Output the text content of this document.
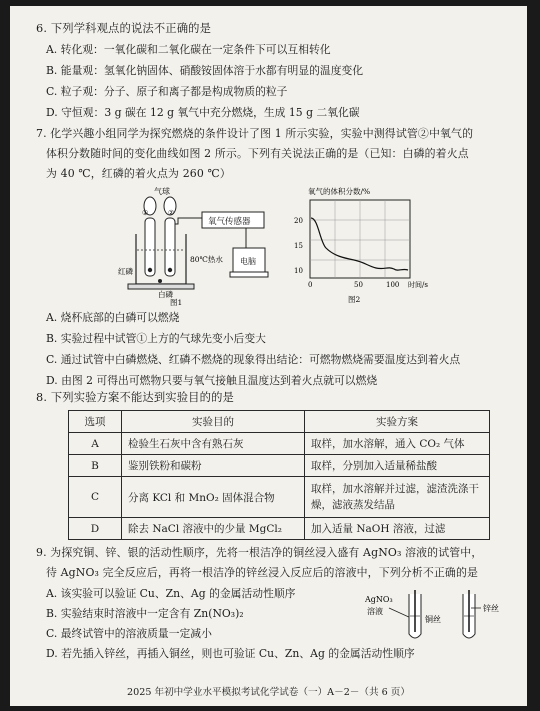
6. 下列学科观点的说法不正确的是
A. 转化观：一氧化碳和二氧化碳在一定条件下可以互相转化
B. 能量观：氢氧化钠固体、硝酸铵固体溶于水都有明显的温度变化
C. 粒子观：分子、原子和离子都是构成物质的粒子
D. 守恒观：3 g 碳在 12 g 氧气中充分燃烧，生成 15 g 二氧化碳
7. 化学兴趣小组同学为探究燃烧的条件设计了图 1 所示实验，实验中测得试管②中氧气的
体积分数随时间的变化曲线如图 2 所示。下列有关说法正确的是（已知：白磷的着火点
为 40 ℃，红磷的着火点为 260 ℃）
氧气传感器
电脑
气球
①	②
80℃热水
红磷
白磷
图1
氧气的体积分数/%
20
15
10
0	50	100 时间/s
图2
A. 烧杯底部的白磷可以燃烧
B. 实验过程中试管①上方的气球先变小后变大
C. 通过试管中白磷燃烧、红磷不燃烧的现象得出结论：可燃物燃烧需要温度达到着火点
D. 由图 2 可得出可燃物只要与氧气接触且温度达到着火点就可以燃烧
8. 下列实验方案不能达到实验目的的是
选项	实验目的	实验方案
A	检验生石灰中含有熟石灰	取样，加水溶解，通入 CO₂ 气体
B	鉴别铁粉和碳粉	取样，分别加入适量稀盐酸
C	分离 KCl 和 MnO₂ 固体混合物	取样，加水溶解并过滤，滤渣洗涤干燥，滤液蒸发结晶
D	除去 NaCl 溶液中的少量 MgCl₂	加入适量 NaOH 溶液，过滤
9. 为探究铜、锌、银的活动性顺序，先将一根洁净的铜丝浸入盛有 AgNO₃ 溶液的试管中，
待 AgNO₃ 完全反应后，再将一根洁净的锌丝浸入反应后的溶液中，下列分析不正确的是
A. 该实验可以验证 Cu、Zn、Ag 的金属活动性顺序
B. 实验结束时溶液中一定含有 Zn(NO₃)₂
C. 最终试管中的溶液质量一定减小
D. 若先插入锌丝，再插入铜丝，则也可验证 Cu、Zn、Ag 的金属活动性顺序
AgNO₃
溶液
铜丝
锌丝
2025 年初中学业水平模拟考试化学试卷（一）A－2－（共 6 页）
